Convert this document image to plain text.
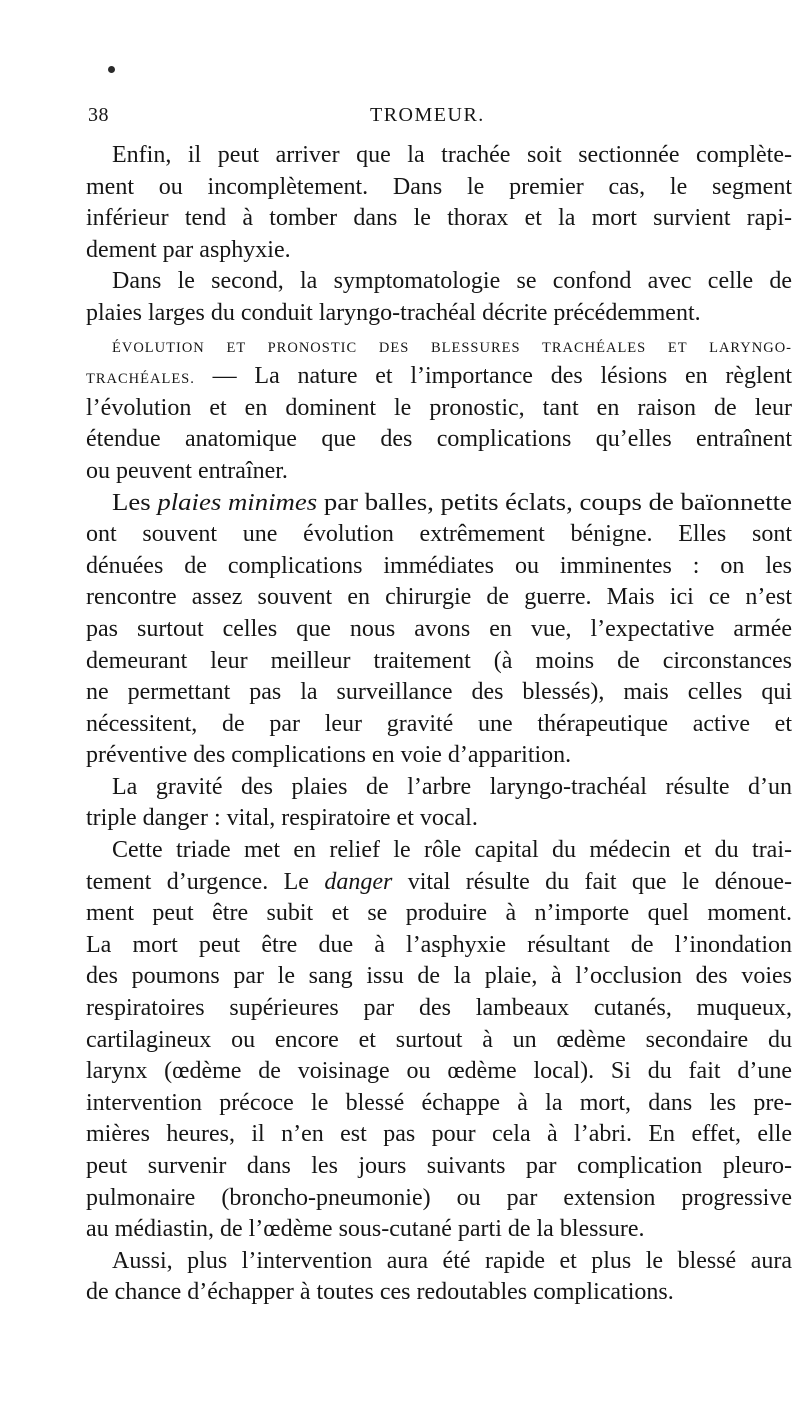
38	TROMEUR.
Enfin, il peut arriver que la trachée soit sectionnée complète-
ment ou incomplètement. Dans le premier cas, le segment
inférieur tend à tomber dans le thorax et la mort survient rapi-
dement par asphyxie.
Dans le second, la symptomatologie se confond avec celle de
plaies larges du conduit laryngo-trachéal décrite précédemment.
ÉVOLUTION ET PRONOSTIC DES BLESSURES TRACHÉALES ET LARYNGO-
TRACHÉALES. — La nature et l’importance des lésions en règlent
l’évolution et en dominent le pronostic, tant en raison de leur
étendue anatomique que des complications qu’elles entraînent
ou peuvent entraîner.
Les plaies minimes par balles, petits éclats, coups de baïonnette
ont souvent une évolution extrêmement bénigne. Elles sont
dénuées de complications immédiates ou imminentes : on les
rencontre assez souvent en chirurgie de guerre. Mais ici ce n’est
pas surtout celles que nous avons en vue, l’expectative armée
demeurant leur meilleur traitement (à moins de circonstances
ne permettant pas la surveillance des blessés), mais celles qui
nécessitent, de par leur gravité une thérapeutique active et
préventive des complications en voie d’apparition.
La gravité des plaies de l’arbre laryngo-trachéal résulte d’un
triple danger : vital, respiratoire et vocal.
Cette triade met en relief le rôle capital du médecin et du trai-
tement d’urgence. Le danger vital résulte du fait que le dénoue-
ment peut être subit et se produire à n’importe quel moment.
La mort peut être due à l’asphyxie résultant de l’inondation
des poumons par le sang issu de la plaie, à l’occlusion des voies
respiratoires supérieures par des lambeaux cutanés, muqueux,
cartilagineux ou encore et surtout à un œdème secondaire du
larynx (œdème de voisinage ou œdème local). Si du fait d’une
intervention précoce le blessé échappe à la mort, dans les pre-
mières heures, il n’en est pas pour cela à l’abri. En effet, elle
peut survenir dans les jours suivants par complication pleuro-
pulmonaire (broncho-pneumonie) ou par extension progressive
au médiastin, de l’œdème sous-cutané parti de la blessure.
Aussi, plus l’intervention aura été rapide et plus le blessé aura
de chance d’échapper à toutes ces redoutables complications.
